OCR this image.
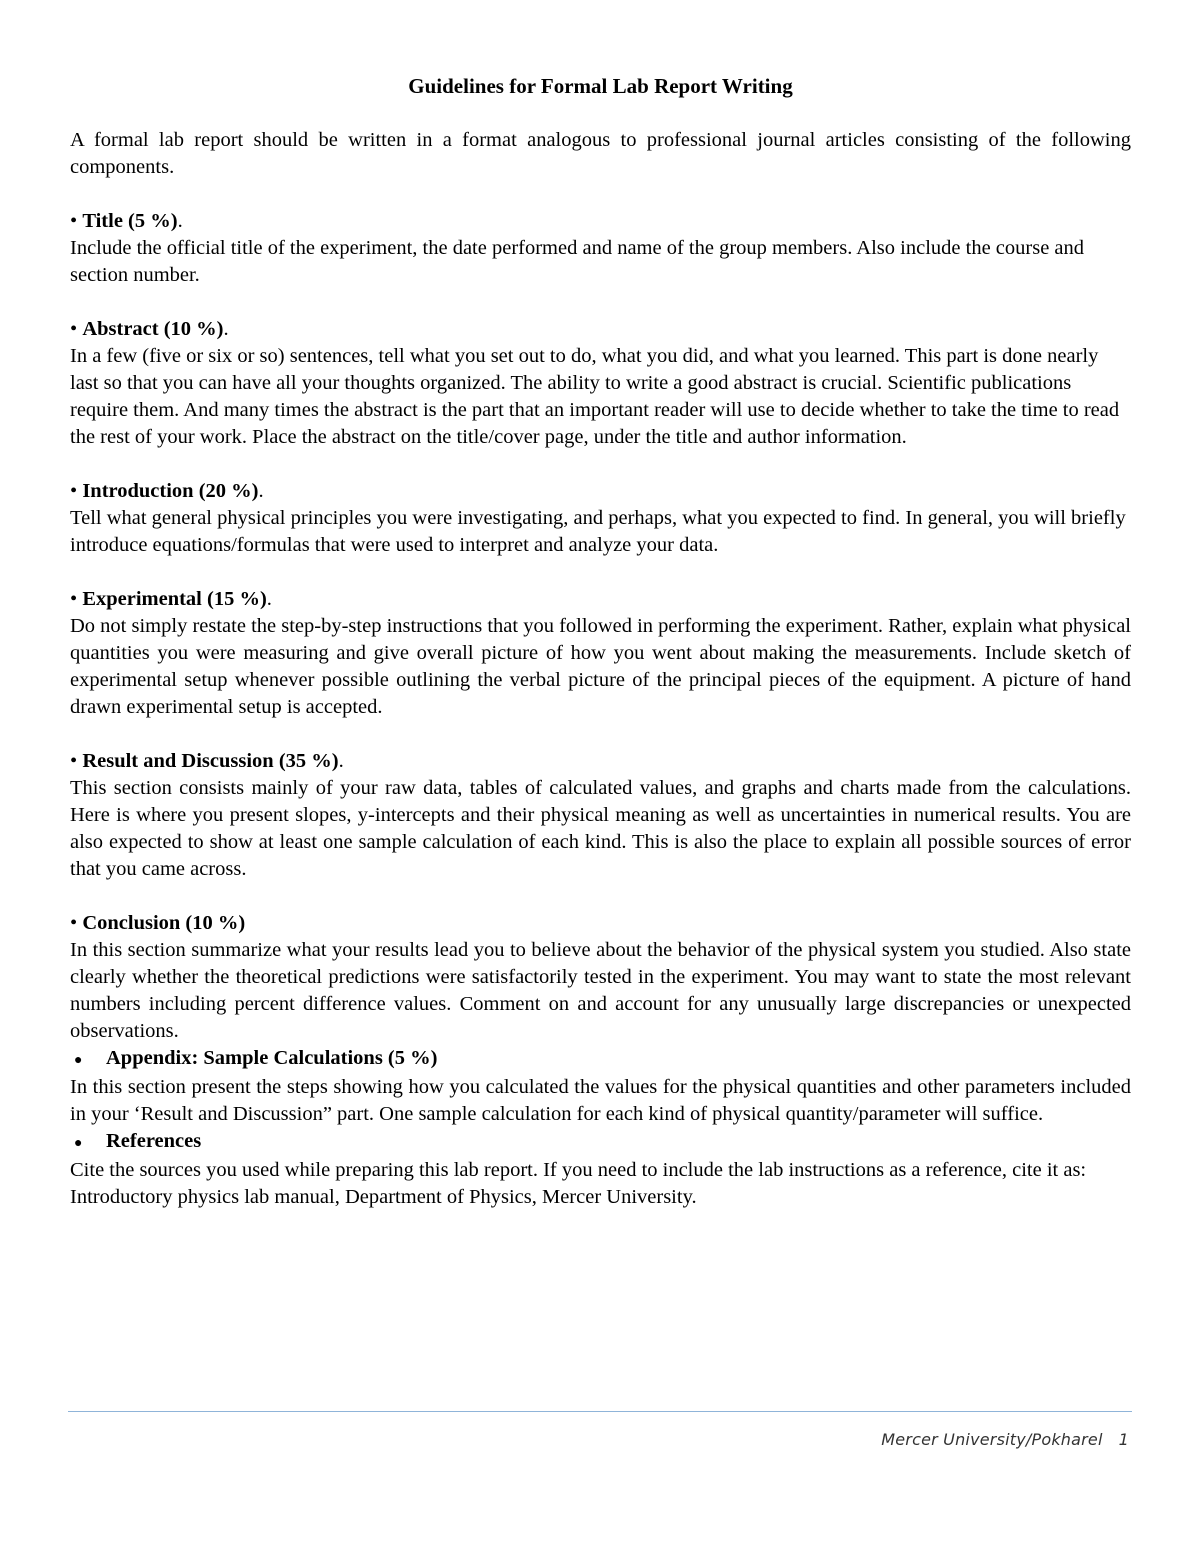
Guidelines for Formal Lab Report Writing

A formal lab report should be written in a format analogous to professional journal articles consisting of the following components.

• Title (5 %).

Include the official title of the experiment, the date performed and name of the group members. Also include the course and section number.

• Abstract (10 %).

In a few (five or six or so) sentences, tell what you set out to do, what you did, and what you learned. This part is done nearly last so that you can have all your thoughts organized. The ability to write a good abstract is crucial. Scientific publications require them. And many times the abstract is the part that an important reader will use to decide whether to take the time to read the rest of your work. Place the abstract on the title/cover page, under the title and author information.

• Introduction (20 %).

Tell what general physical principles you were investigating, and perhaps, what you expected to find. In general, you will briefly introduce equations/formulas that were used to interpret and analyze your data.

• Experimental (15 %).

Do not simply restate the step-by-step instructions that you followed in performing the experiment. Rather, explain what physical quantities you were measuring and give overall picture of how you went about making the measurements. Include sketch of experimental setup whenever possible outlining the verbal picture of the principal pieces of the equipment. A picture of hand drawn experimental setup is accepted.

• Result and Discussion (35 %).

This section consists mainly of your raw data, tables of calculated values, and graphs and charts made from the calculations. Here is where you present slopes, y-intercepts and their physical meaning as well as uncertainties in numerical results. You are also expected to show at least one sample calculation of each kind. This is also the place to explain all possible sources of error that you came across.

• Conclusion (10 %)

In this section summarize what your results lead you to believe about the behavior of the physical system you studied. Also state clearly whether the theoretical predictions were satisfactorily tested in the experiment. You may want to state the most relevant numbers including percent difference values. Comment on and account for any unusually large discrepancies or unexpected observations.

●	Appendix: Sample Calculations (5 %)

In this section present the steps showing how you calculated the values for the physical quantities and other parameters included in your ‘Result and Discussion” part. One sample calculation for each kind of physical quantity/parameter will suffice.

●	References

Cite the sources you used while preparing this lab report. If you need to include the lab instructions as a reference, cite it as: Introductory physics lab manual, Department of Physics, Mercer University.

Mercer University/Pokharel 1
